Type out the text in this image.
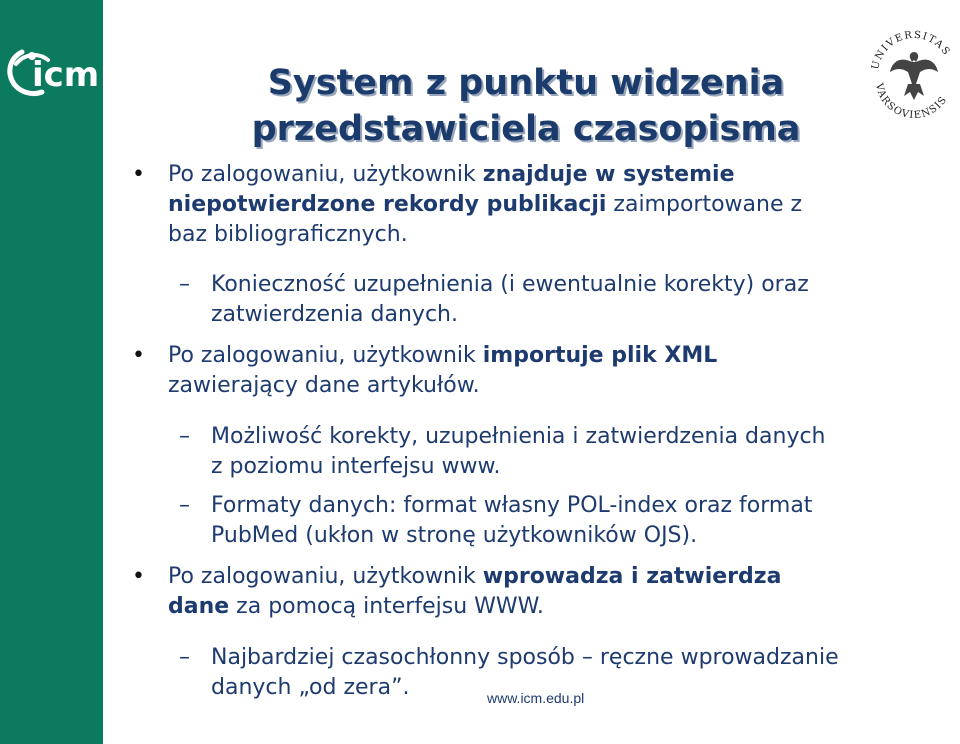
icm	UNIVERSITAS
VARSOVIENSIS
System z punktu widzenia
przedstawiciela czasopisma
• Po zalogowaniu, użytkownik znajduje w systemie
niepotwierdzone rekordy publikacji zaimportowane z
baz bibliograficznych.
– Konieczność uzupełnienia (i ewentualnie korekty) oraz
zatwierdzenia danych.
• Po zalogowaniu, użytkownik importuje plik XML
zawierający dane artykułów.
– Możliwość korekty, uzupełnienia i zatwierdzenia danych
z poziomu interfejsu www.
– Formaty danych: format własny POL-index oraz format
PubMed (ukłon w stronę użytkowników OJS).
• Po zalogowaniu, użytkownik wprowadza i zatwierdza
dane za pomocą interfejsu WWW.
– Najbardziej czasochłonny sposób – ręczne wprowadzanie
danych „od zera”.	www.icm.edu.pl
